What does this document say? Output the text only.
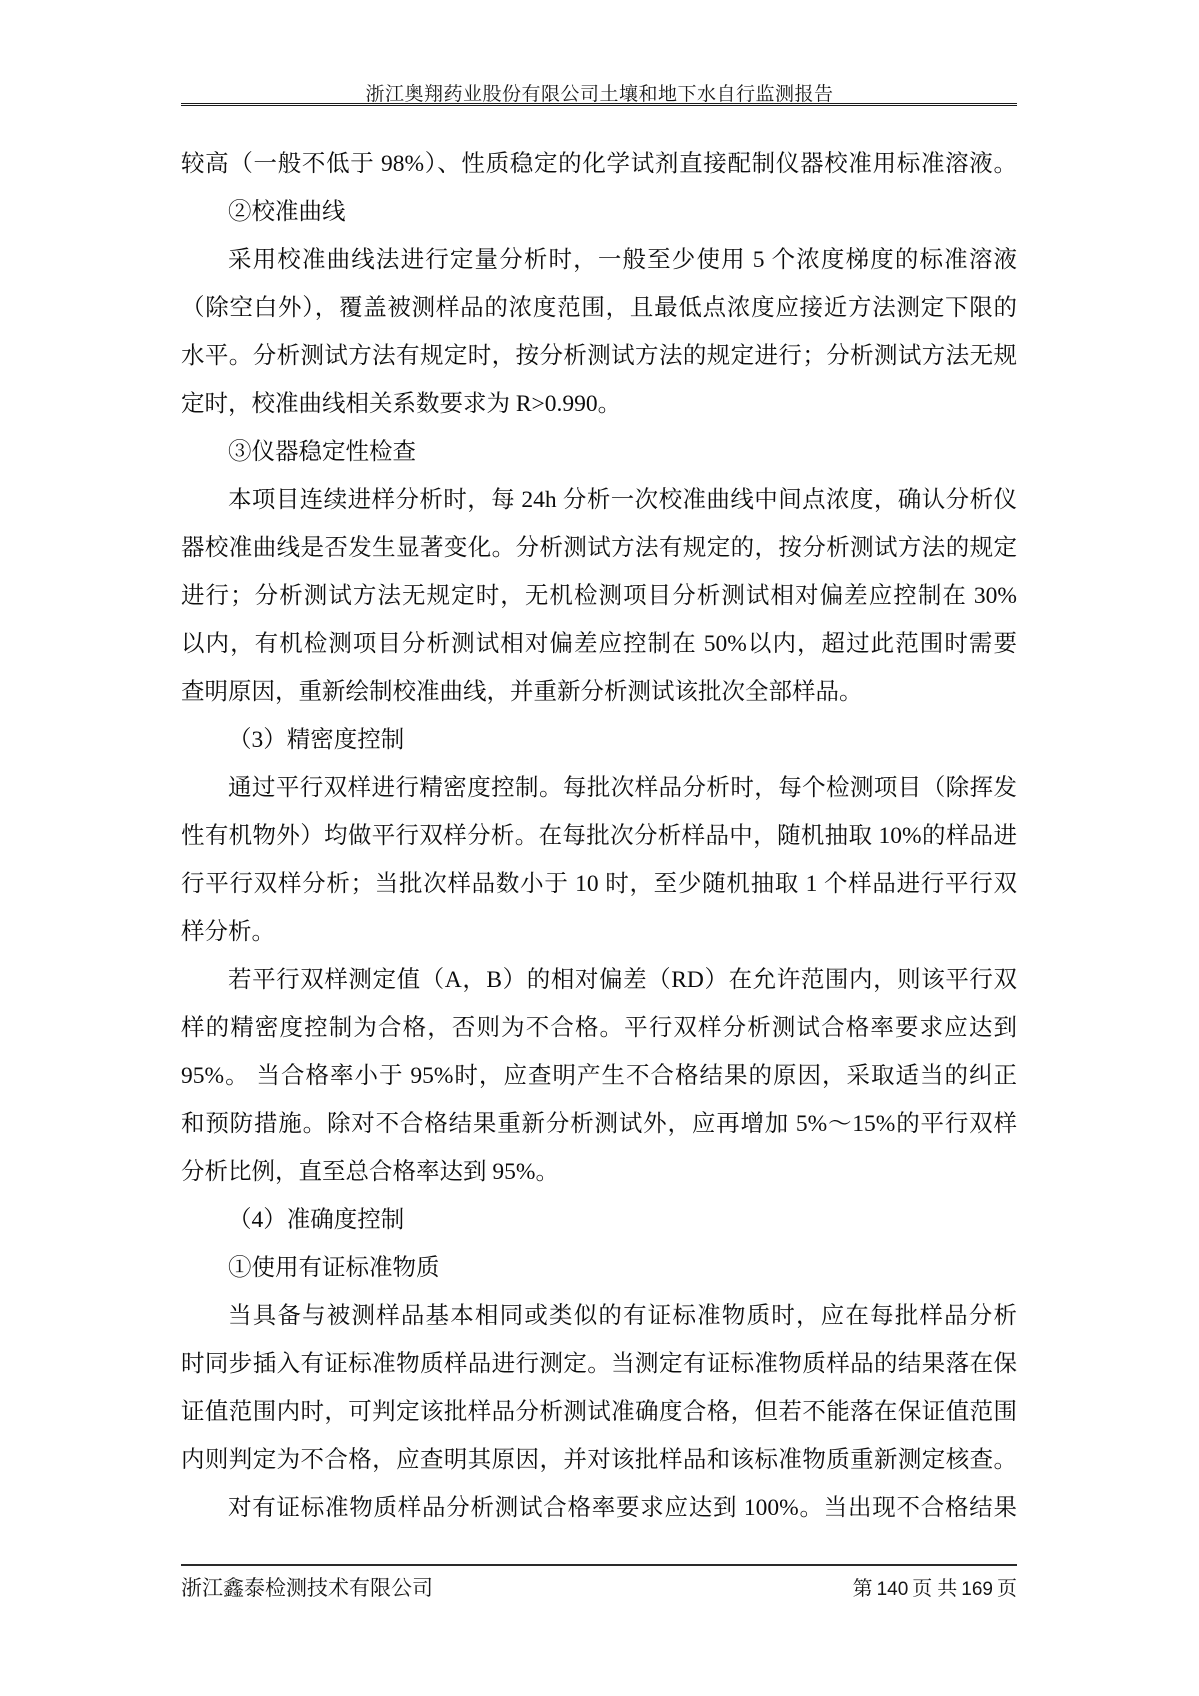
浙江奥翔药业股份有限公司土壤和地下水自行监测报告
较高（一般不低于 98%）、性质稳定的化学试剂直接配制仪器校准用标准溶液。
②校准曲线
采用校准曲线法进行定量分析时，一般至少使用 5 个浓度梯度的标准溶液
（除空白外），覆盖被测样品的浓度范围，且最低点浓度应接近方法测定下限的
水平。分析测试方法有规定时，按分析测试方法的规定进行；分析测试方法无规
定时，校准曲线相关系数要求为 R>0.990。
③仪器稳定性检查
本项目连续进样分析时，每 24h 分析一次校准曲线中间点浓度，确认分析仪
器校准曲线是否发生显著变化。分析测试方法有规定的，按分析测试方法的规定
进行；分析测试方法无规定时，无机检测项目分析测试相对偏差应控制在 30%
以内，有机检测项目分析测试相对偏差应控制在 50%以内，超过此范围时需要
查明原因，重新绘制校准曲线，并重新分析测试该批次全部样品。
（3）精密度控制
通过平行双样进行精密度控制。每批次样品分析时，每个检测项目（除挥发
性有机物外）均做平行双样分析。在每批次分析样品中，随机抽取 10%的样品进
行平行双样分析；当批次样品数小于 10 时，至少随机抽取 1 个样品进行平行双
样分析。
若平行双样测定值（A，B）的相对偏差（RD）在允许范围内，则该平行双
样的精密度控制为合格，否则为不合格。平行双样分析测试合格率要求应达到
95%。 当合格率小于 95%时，应查明产生不合格结果的原因，采取适当的纠正
和预防措施。除对不合格结果重新分析测试外，应再增加 5%～15%的平行双样
分析比例，直至总合格率达到 95%。
（4）准确度控制
①使用有证标准物质
当具备与被测样品基本相同或类似的有证标准物质时，应在每批样品分析
时同步插入有证标准物质样品进行测定。当测定有证标准物质样品的结果落在保
证值范围内时，可判定该批样品分析测试准确度合格，但若不能落在保证值范围
内则判定为不合格，应查明其原因，并对该批样品和该标准物质重新测定核查。
对有证标准物质样品分析测试合格率要求应达到 100%。当出现不合格结果
浙江鑫泰检测技术有限公司	第 140 页 共 169 页
